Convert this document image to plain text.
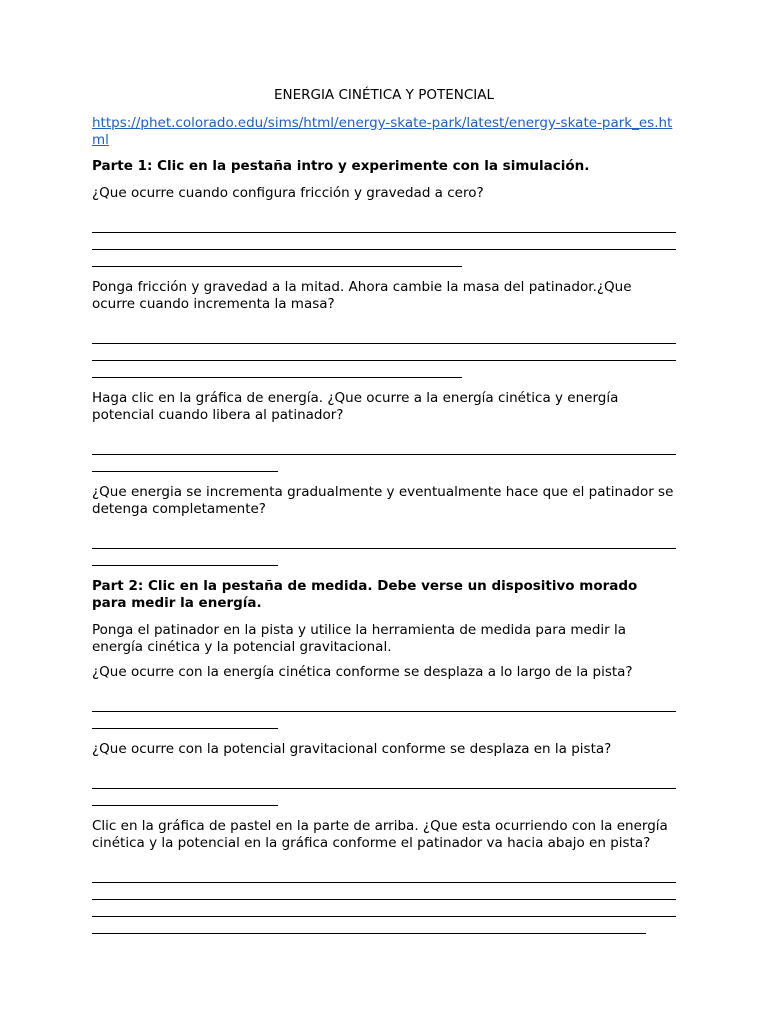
ENERGIA CINÉTICA Y POTENCIAL

https://phet.colorado.edu/sims/html/energy-skate-park/latest/energy-skate-park_es.html

Parte 1: Clic en la pestaña intro y experimente con la simulación.

¿Que ocurre cuando configura fricción y gravedad a cero?

Ponga fricción y gravedad a la mitad. Ahora cambie la masa del patinador.¿Que ocurre cuando incrementa la masa?

Haga clic en la gráfica de energía. ¿Que ocurre a la energía cinética y energía potencial cuando libera al patinador?

¿Que energia se incrementa gradualmente y eventualmente hace que el patinador se detenga completamente?

Part 2: Clic en la pestaña de medida. Debe verse un dispositivo morado para medir la energía.

Ponga el patinador en la pista y utilice la herramienta de medida para medir la energía cinética y la potencial gravitacional.

¿Que ocurre con la energía cinética conforme se desplaza a lo largo de la pista?

¿Que ocurre con la potencial gravitacional conforme se desplaza en la pista?

Clic en la gráfica de pastel en la parte de arriba. ¿Que esta ocurriendo con la energía cinética y la potencial en la gráfica conforme el patinador va hacia abajo en pista?
